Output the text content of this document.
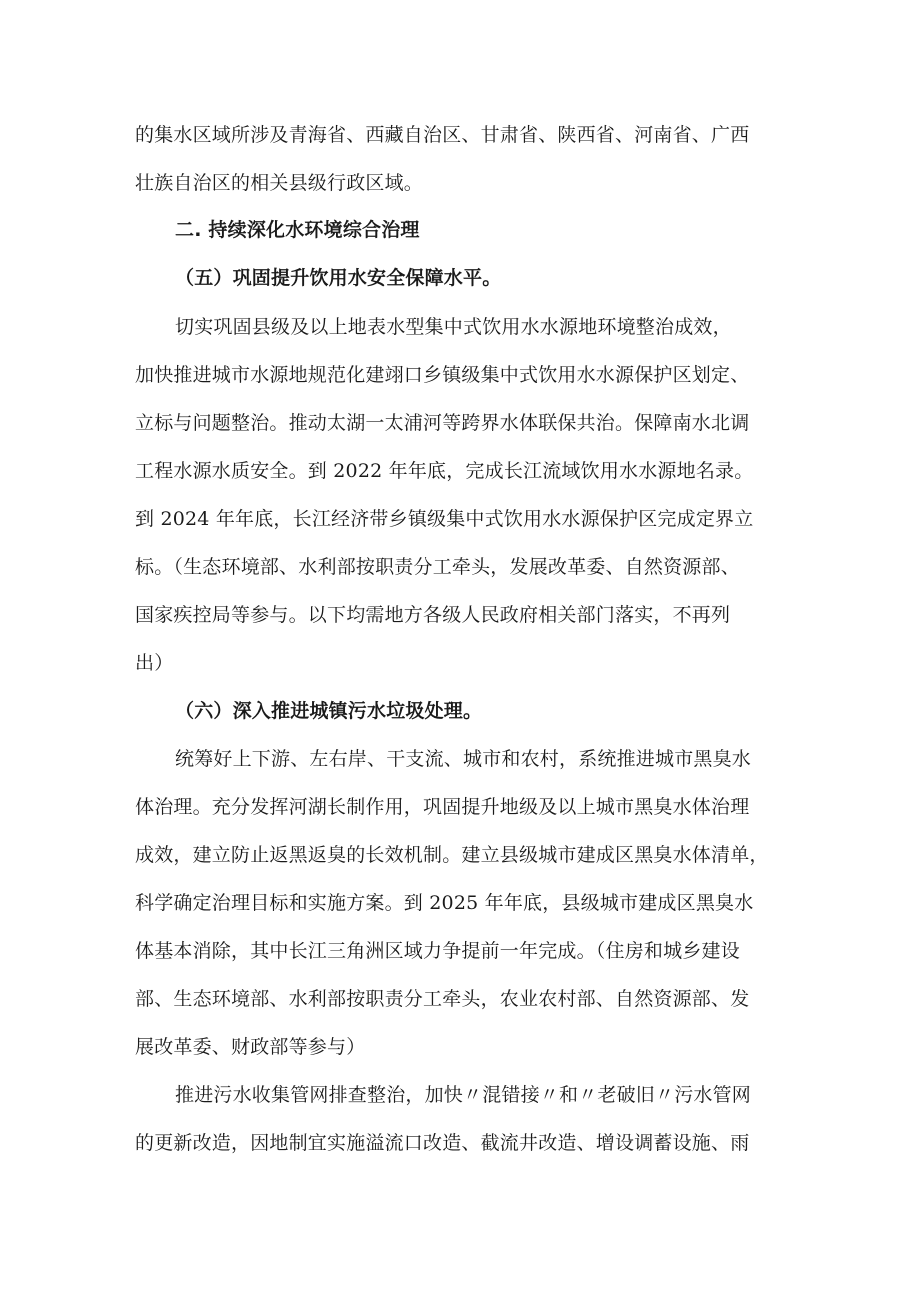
的集水区域所涉及青海省、西藏自治区、甘肃省、陕西省、河南省、广西
壮族自治区的相关县级行政区域。
二. 持续深化水环境综合治理
（五）巩固提升饮用水安全保障水平。
切实巩固县级及以上地表水型集中式饮用水水源地环境整治成效，
加快推进城市水源地规范化建翊口乡镇级集中式饮用水水源保护区划定、
立标与问题整治。推动太湖一太浦河等跨界水体联保共治。保障南水北调
工程水源水质安全。到 2022 年年底，完成长江流域饮用水水源地名录。
到 2024 年年底，长江经济带乡镇级集中式饮用水水源保护区完成定界立
标。（生态环境部、水利部按职责分工牵头，发展改革委、自然资源部、
国家疾控局等参与。以下均需地方各级人民政府相关部门落实，不再列
出）
（六）深入推进城镇污水垃圾处理。
统筹好上下游、左右岸、干支流、城市和农村，系统推进城市黑臭水
体治理。充分发挥河湖长制作用，巩固提升地级及以上城市黑臭水体治理
成效，建立防止返黑返臭的长效机制。建立县级城市建成区黑臭水体清单，
科学确定治理目标和实施方案。到 2025 年年底，县级城市建成区黑臭水
体基本消除，其中长江三角洲区域力争提前一年完成。（住房和城乡建设
部、生态环境部、水利部按职责分工牵头，农业农村部、自然资源部、发
展改革委、财政部等参与）
推进污水收集管网排查整治，加快〃混错接〃和〃老破旧〃污水管网
的更新改造，因地制宜实施溢流口改造、截流井改造、增设调蓄设施、雨
